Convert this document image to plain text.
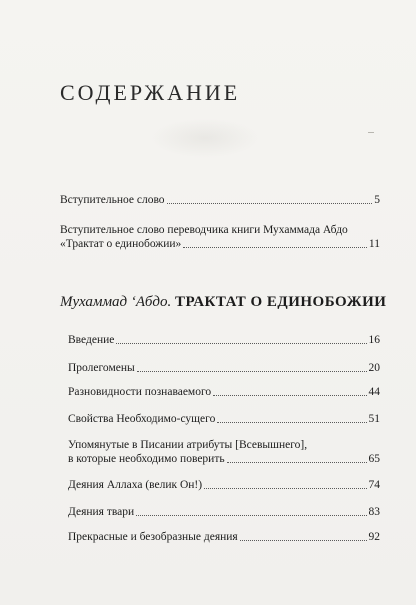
СОДЕРЖАНИЕ
Вступительное слово	5
Вступительное слово переводчика книги Мухаммада Абдо
«Трактат о единобожии»	11
Мухаммад ‘Абдо. ТРАКТАТ О ЕДИНОБОЖИИ
Введение	16
Пролегомены	20
Разновидности познаваемого	44
Свойства Необходимо-сущего	51
Упомянутые в Писании атрибуты [Всевышнего],
в которые необходимо поверить	65
Деяния Аллаха (велик Он!)	74
Деяния твари	83
Прекрасные и безобразные деяния	92
